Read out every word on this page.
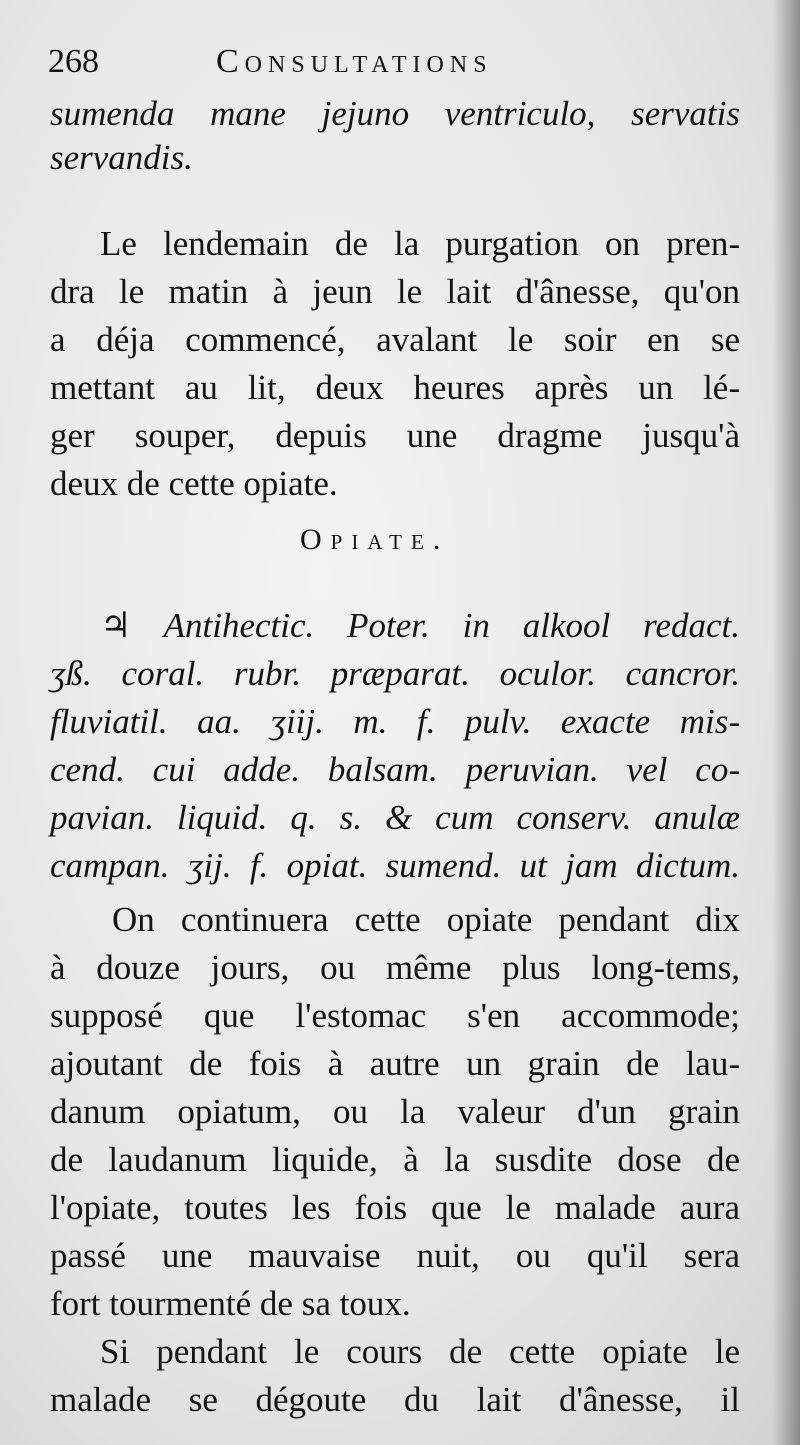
268	Consultations
sumenda mane jejuno ventriculo, servatis
servandis.
Le lendemain de la purgation on pren-
dra le matin à jeun le lait d'ânesse, qu'on
a déja commencé, avalant le soir en se
mettant au lit, deux heures après un lé-
ger souper, depuis une dragme jusqu'à
deux de cette opiate.
Opiate.
♃ Antihectic. Poter. in alkool redact.
ʒß. coral. rubr. præparat. oculor. cancror.
fluviatil. aa. ʒiij. m. f. pulv. exacte mis-
cend. cui adde. balsam. peruvian. vel co-
pavian. liquid. q. s. & cum conserv. anulæ
campan. ʒij. f. opiat. sumend. ut jam dictum.
On continuera cette opiate pendant dix
à douze jours, ou même plus long-tems,
supposé que l'estomac s'en accommode;
ajoutant de fois à autre un grain de lau-
danum opiatum, ou la valeur d'un grain
de laudanum liquide, à la susdite dose de
l'opiate, toutes les fois que le malade aura
passé une mauvaise nuit, ou qu'il sera
fort tourmenté de sa toux.
Si pendant le cours de cette opiate le
malade se dégoute du lait d'ânesse, il
